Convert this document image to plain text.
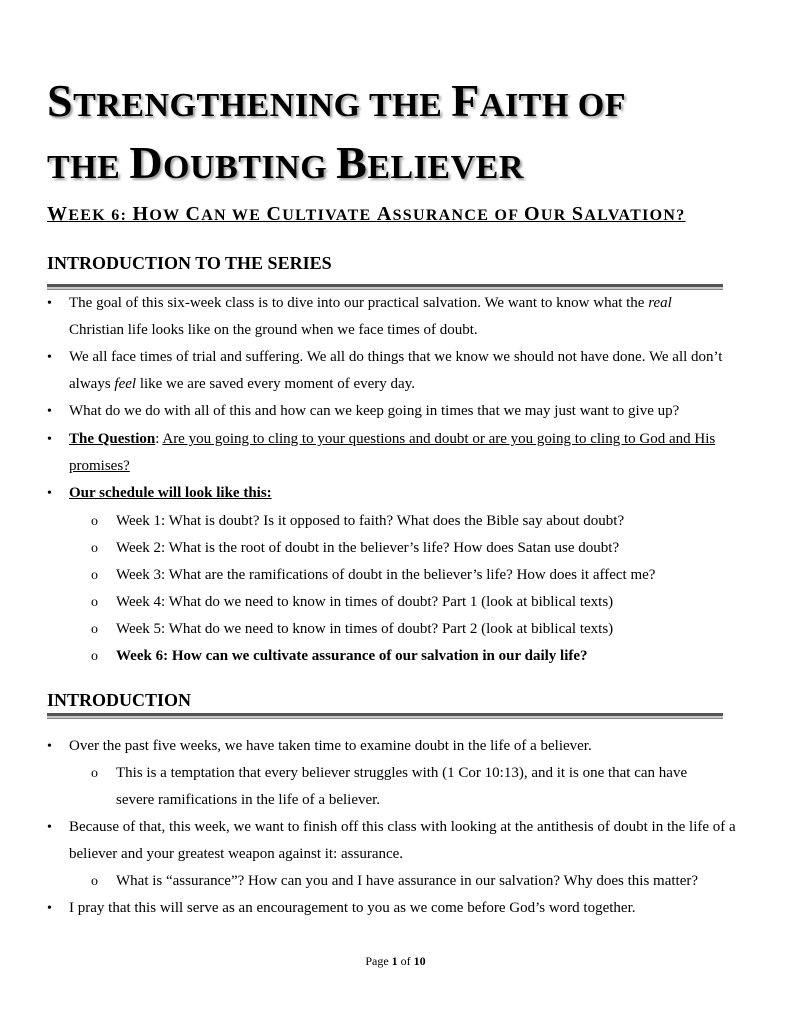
STRENGTHENING THE FAITH OF
THE DOUBTING BELIEVER

WEEK 6: HOW CAN WE CULTIVATE ASSURANCE OF OUR SALVATION?

INTRODUCTION TO THE SERIES
•	The goal of this six-week class is to dive into our practical salvation. We want to know what the real
Christian life looks like on the ground when we face times of doubt.
•	We all face times of trial and suffering. We all do things that we know we should not have done. We all don’t always feel like we are saved every moment of every day.
•	What do we do with all of this and how can we keep going in times that we may just want to give up?
•	The Question: Are you going to cling to your questions and doubt or are you going to cling to God and His promises?
•	Our schedule will look like this:
o Week 1: What is doubt? Is it opposed to faith? What does the Bible say about doubt?
o Week 2: What is the root of doubt in the believer’s life? How does Satan use doubt?
o Week 3: What are the ramifications of doubt in the believer’s life? How does it affect me?
o Week 4: What do we need to know in times of doubt? Part 1 (look at biblical texts)
o Week 5: What do we need to know in times of doubt? Part 2 (look at biblical texts)
o Week 6: How can we cultivate assurance of our salvation in our daily life?
INTRODUCTION
•	Over the past five weeks, we have taken time to examine doubt in the life of a believer.
o This is a temptation that every believer struggles with (1 Cor 10:13), and it is one that can have severe ramifications in the life of a believer.
•	Because of that, this week, we want to finish off this class with looking at the antithesis of doubt in the life of a believer and your greatest weapon against it: assurance.
o What is “assurance”? How can you and I have assurance in our salvation? Why does this matter?
•	I pray that this will serve as an encouragement to you as we come before God’s word together.
Page 1 of 10
